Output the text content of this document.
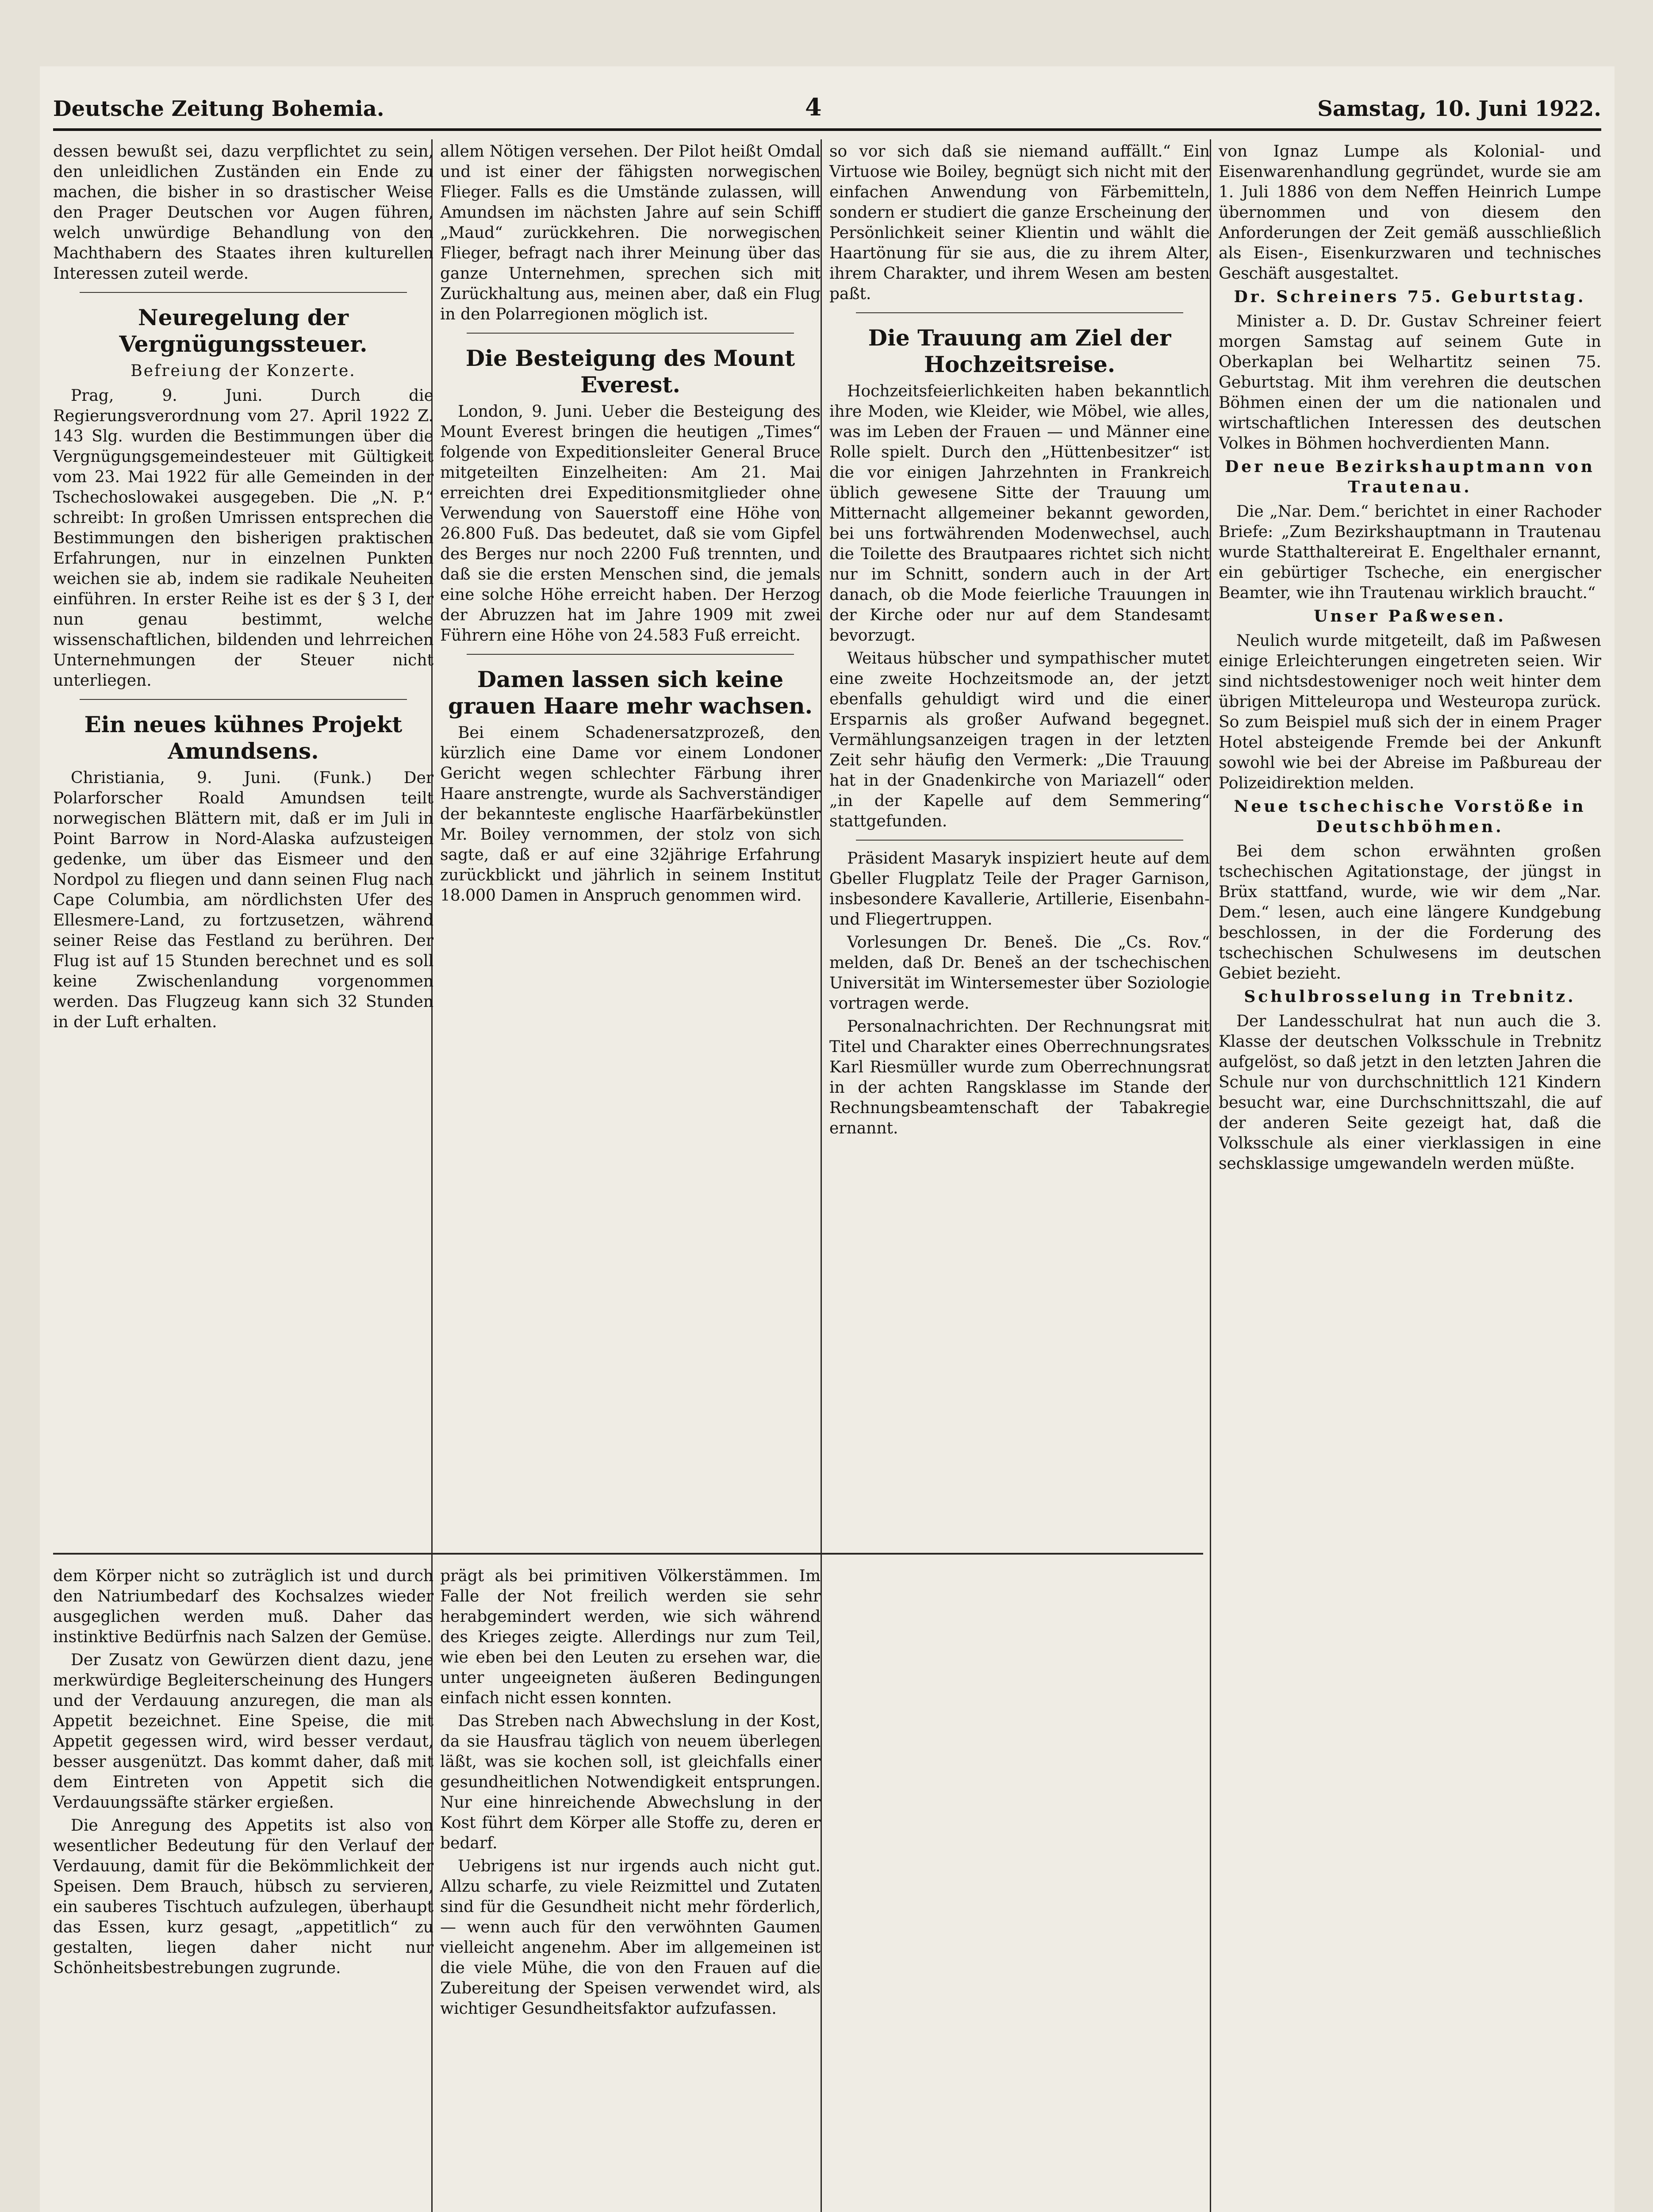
Deutsche Zeitung Bohemia.	4	Samstag, 10. Juni 1922.

dessen bewußt sei, dazu verpflichtet zu sein, den unleidlichen Zuständen ein Ende zu machen, die bisher in so drastischer Weise den Prager Deutschen vor Augen führen, welch unwürdige Behandlung von den Machthabern des Staates ihren kulturellen Interessen zuteil werde.

Neuregelung der Vergnügungssteuer.
Befreiung der Konzerte.

Prag, 9. Juni. Durch die Regierungsverordnung vom 27. April 1922 Z. 143 Slg. wurden die Bestimmungen über die Vergnügungsgemeindesteuer mit Gültigkeit vom 23. Mai 1922 für alle Gemeinden in der Tschechoslowakei ausgegeben. Die „N. P.“ schreibt: In großen Umrissen entsprechen die Bestimmungen den bisherigen praktischen Erfahrungen, nur in einzelnen Punkten weichen sie ab, indem sie radikale Neuheiten einführen. In erster Reihe ist es der § 3 I, der nun genau bestimmt, welche wissenschaftlichen, bildenden und lehrreichen Unternehmungen der Steuer nicht unterliegen.

Ein neues kühnes Projekt Amundsens.

Christiania, 9. Juni. (Funk.) Der Polarforscher Roald Amundsen teilt norwegischen Blättern mit, daß er im Juli in Point Barrow in Nord-Alaska aufzusteigen gedenke, um über das Eismeer und den Nordpol zu fliegen und dann seinen Flug nach Cape Columbia, am nördlichsten Ufer des Ellesmere-Land, zu fortzusetzen, während seiner Reise das Festland zu berühren. Der Flug ist auf 15 Stunden berechnet und es soll keine Zwischenlandung vorgenommen werden. Das Flugzeug kann sich 32 Stunden in der Luft erhalten.

allem Nötigen versehen. Der Pilot heißt Omdal und ist einer der fähigsten norwegischen Flieger. Falls es die Umstände zulassen, will Amundsen im nächsten Jahre auf sein Schiff „Maud“ zurückkehren. Die norwegischen Flieger, befragt nach ihrer Meinung über das ganze Unternehmen, sprechen sich mit Zurückhaltung aus, meinen aber, daß ein Flug in den Polarregionen möglich ist.

Die Besteigung des Mount Everest.

London, 9. Juni. Ueber die Besteigung des Mount Everest bringen die heutigen „Times“ folgende von Expeditionsleiter General Bruce mitgeteilten Einzelheiten: Am 21. Mai erreichten drei Expeditionsmitglieder ohne Verwendung von Sauerstoff eine Höhe von 26.800 Fuß. Das bedeutet, daß sie vom Gipfel des Berges nur noch 2200 Fuß trennten, und daß sie die ersten Menschen sind, die jemals eine solche Höhe erreicht haben. Der Herzog der Abruzzen hat im Jahre 1909 mit zwei Führern eine Höhe von 24.583 Fuß erreicht.

Damen lassen sich keine grauen Haare mehr wachsen.

Bei einem Schadenersatzprozeß, den kürzlich eine Dame vor einem Londoner Gericht wegen schlechter Färbung ihrer Haare anstrengte, wurde als Sachverständiger der bekannteste englische Haarfärbekünstler Mr. Boiley vernommen, der stolz von sich sagte, daß er auf eine 32jährige Erfahrung zurückblickt und jährlich in seinem Institut 18.000 Damen in Anspruch genommen wird.

so vor sich daß sie niemand auffällt.“ Ein Virtuose wie Boiley, begnügt sich nicht mit der einfachen Anwendung von Färbemitteln, sondern er studiert die ganze Erscheinung der Persönlichkeit seiner Klientin und wählt die Haartönung für sie aus, die zu ihrem Alter, ihrem Charakter, und ihrem Wesen am besten paßt.

Die Trauung am Ziel der Hochzeitsreise.

Hochzeitsfeierlichkeiten haben bekanntlich ihre Moden, wie Kleider, wie Möbel, wie alles, was im Leben der Frauen — und Männer eine Rolle spielt. Durch den „Hüttenbesitzer“ ist die vor einigen Jahrzehnten in Frankreich üblich gewesene Sitte der Trauung um Mitternacht allgemeiner bekannt geworden, bei uns fortwährenden Modenwechsel, auch die Toilette des Brautpaares richtet sich nicht nur im Schnitt, sondern auch in der Art danach, ob die Mode feierliche Trauungen in der Kirche oder nur auf dem Standesamt bevorzugt.

Weitaus hübscher und sympathischer mutet eine zweite Hochzeitsmode an, der jetzt ebenfalls gehuldigt wird und die einer Ersparnis als großer Aufwand begegnet. Vermählungsanzeigen tragen in der letzten Zeit sehr häufig den Vermerk: „Die Trauung hat in der Gnadenkirche von Mariazell“ oder „in der Kapelle auf dem Semmering“ stattgefunden.

Präsident Masaryk inspiziert heute auf dem Gbeller Flugplatz Teile der Prager Garnison, insbesondere Kavallerie, Artillerie, Eisenbahn- und Fliegertruppen.

Vorlesungen Dr. Beneš. Die „Cs. Rov.“ melden, daß Dr. Beneš an der tschechischen Universität im Wintersemester über Soziologie vortragen werde.

Personalnachrichten. Der Rechnungsrat mit Titel und Charakter eines Oberrechnungsrates Karl Riesmüller wurde zum Oberrechnungsrat in der achten Rangsklasse im Stande der Rechnungsbeamtenschaft der Tabakregie ernannt.

von Ignaz Lumpe als Kolonial- und Eisenwarenhandlung gegründet, wurde sie am 1. Juli 1886 von dem Neffen Heinrich Lumpe übernommen und von diesem den Anforderungen der Zeit gemäß ausschließlich als Eisen-, Eisenkurzwaren und technisches Geschäft ausgestaltet.

Dr. Schreiners 75. Geburtstag.

Minister a. D. Dr. Gustav Schreiner feiert morgen Samstag auf seinem Gute in Oberkaplan bei Welhartitz seinen 75. Geburtstag. Mit ihm verehren die deutschen Böhmen einen der um die nationalen und wirtschaftlichen Interessen des deutschen Volkes in Böhmen hochverdienten Mann.

Der neue Bezirkshauptmann von Trautenau.

Die „Nar. Dem.“ berichtet in einer Rachoder Briefe: „Zum Bezirkshauptmann in Trautenau wurde Statthaltereirat E. Engelthaler ernannt, ein gebürtiger Tscheche, ein energischer Beamter, wie ihn Trautenau wirklich braucht.“

Unser Paßwesen.

Neulich wurde mitgeteilt, daß im Paßwesen einige Erleichterungen eingetreten seien. Wir sind nichtsdestoweniger noch weit hinter dem übrigen Mitteleuropa und Westeuropa zurück. So zum Beispiel muß sich der in einem Prager Hotel absteigende Fremde bei der Ankunft sowohl wie bei der Abreise im Paßbureau der Polizeidirektion melden.

Neue tschechische Vorstöße in Deutschböhmen.

Bei dem schon erwähnten großen tschechischen Agitationstage, der jüngst in Brüx stattfand, wurde, wie wir dem „Nar. Dem.“ lesen, auch eine längere Kundgebung beschlossen, in der die Forderung des tschechischen Schulwesens im deutschen Gebiet bezieht.

Schulbrosselung in Trebnitz.

Der Landesschulrat hat nun auch die 3. Klasse der deutschen Volksschule in Trebnitz aufgelöst, so daß jetzt in den letzten Jahren die Schule nur von durchschnittlich 121 Kindern besucht war, eine Durchschnittszahl, die auf der anderen Seite gezeigt hat, daß die Volksschule als einer vierklassigen in eine sechsklassige umgewandeln werden müßte.

dem Körper nicht so zuträglich ist und durch den Natriumbedarf des Kochsalzes wieder ausgeglichen werden muß. Daher das instinktive Bedürfnis nach Salzen der Gemüse.

Der Zusatz von Gewürzen dient dazu, jene merkwürdige Begleiterscheinung des Hungers und der Verdauung anzuregen, die man als Appetit bezeichnet. Eine Speise, die mit Appetit gegessen wird, wird besser verdaut, besser ausgenützt. Das kommt daher, daß mit dem Eintreten von Appetit sich die Verdauungssäfte stärker ergießen.

Die Anregung des Appetits ist also von wesentlicher Bedeutung für den Verlauf der Verdauung, damit für die Bekömmlichkeit der Speisen. Dem Brauch, hübsch zu servieren, ein sauberes Tischtuch aufzulegen, überhaupt das Essen, kurz gesagt, „appetitlich“ zu gestalten, liegen daher nicht nur Schönheitsbestrebungen zugrunde.

prägt als bei primitiven Völkerstämmen. Im Falle der Not freilich werden sie sehr herabgemindert werden, wie sich während des Krieges zeigte. Allerdings nur zum Teil, wie eben bei den Leuten zu ersehen war, die unter ungeeigneten äußeren Bedingungen einfach nicht essen konnten.

Das Streben nach Abwechslung in der Kost, da sie Hausfrau täglich von neuem überlegen läßt, was sie kochen soll, ist gleichfalls einer gesundheitlichen Notwendigkeit entsprungen. Nur eine hinreichende Abwechslung in der Kost führt dem Körper alle Stoffe zu, deren er bedarf.

Uebrigens ist nur irgends auch nicht gut. Allzu scharfe, zu viele Reizmittel und Zutaten sind für die Gesundheit nicht mehr förderlich, — wenn auch für den verwöhnten Gaumen vielleicht angenehm. Aber im allgemeinen ist die viele Mühe, die von den Frauen auf die Zubereitung der Speisen verwendet wird, als wichtiger Gesundheitsfaktor aufzufassen.
